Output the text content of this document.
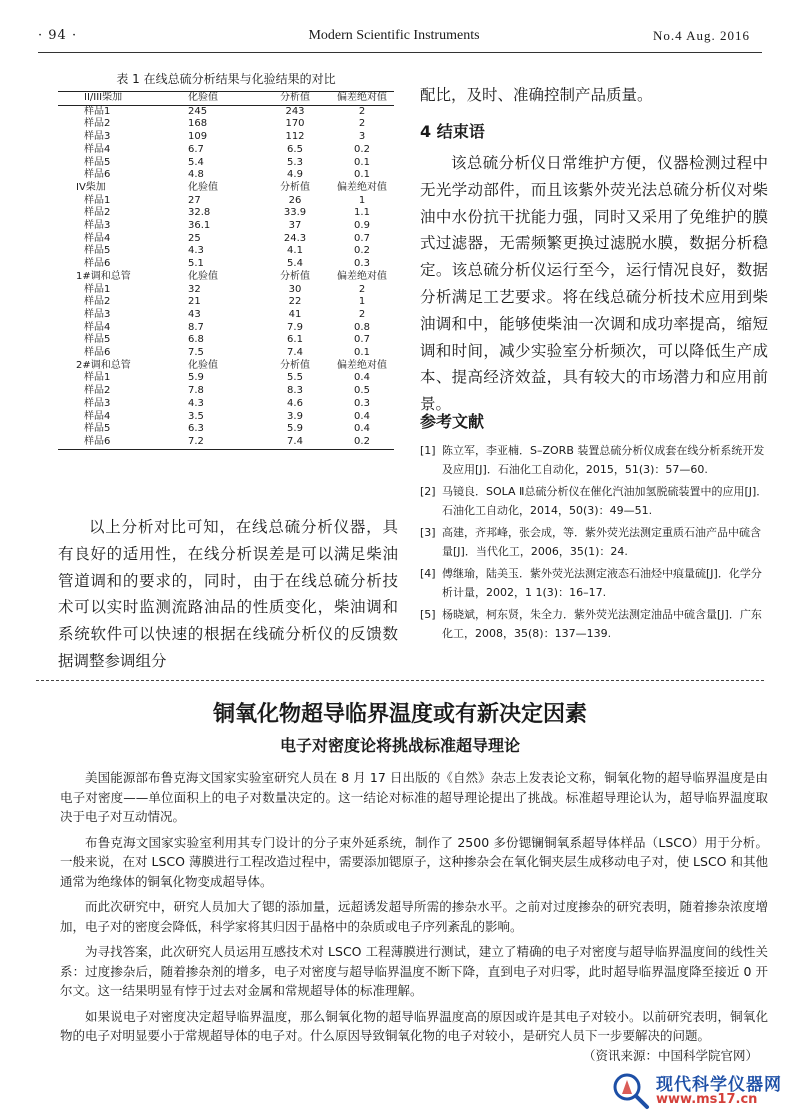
· 94 ·	Modern Scientific Instruments	No.4 Aug. 2016
表 1 在线总硫分析结果与化验结果的对比
II/III柴加	化验值	分析值	偏差绝对值
样品1	245	243	2
样品2	168	170	2
样品3	109	112	3
样品4	6.7	6.5	0.2
样品5	5.4	5.3	0.1
样品6	4.8	4.9	0.1
IV柴加	化验值	分析值	偏差绝对值
样品1	27	26	1
样品2	32.8	33.9	1.1
样品3	36.1	37	0.9
样品4	25	24.3	0.7
样品5	4.3	4.1	0.2
样品6	5.1	5.4	0.3
1#调和总管	化验值	分析值	偏差绝对值
样品1	32	30	2
样品2	21	22	1
样品3	43	41	2
样品4	8.7	7.9	0.8
样品5	6.8	6.1	0.7
样品6	7.5	7.4	0.1
2#调和总管	化验值	分析值	偏差绝对值
样品1	5.9	5.5	0.4
样品2	7.8	8.3	0.5
样品3	4.3	4.6	0.3
样品4	3.5	3.9	0.4
样品5	6.3	5.9	0.4
样品6	7.2	7.4	0.2

以上分析对比可知，在线总硫分析仪器，具有良好的适用性，在线分析误差是可以满足柴油管道调和的要求的，同时，由于在线总硫分析技术可以实时监测流路油品的性质变化，柴油调和系统软件可以快速的根据在线硫分析仪的反馈数据调整参调组分

配比，及时、准确控制产品质量。

4 结束语

该总硫分析仪日常维护方便，仪器检测过程中无光学动部件，而且该紫外荧光法总硫分析仪对柴油中水份抗干扰能力强，同时又采用了免维护的膜式过滤器，无需频繁更换过滤脱水膜，数据分析稳定。该总硫分析仪运行至今，运行情况良好，数据分析满足工艺要求。将在线总硫分析技术应用到柴油调和中，能够使柴油一次调和成功率提高，缩短调和时间，减少实验室分析频次，可以降低生产成本、提高经济效益，具有较大的市场潜力和应用前景。

参考文献
[1] 陈立军，李亚楠．S–ZORB 装置总硫分析仪成套在线分析系统开发及应用[J]．石油化工自动化，2015，51(3)：57—60.
[2] 马镜良．SOLA Ⅱ总硫分析仪在催化汽油加氢脱硫装置中的应用[J]．石油化工自动化，2014，50(3)：49—51.
[3] 高建，齐邦峰，张会成，等．紫外荧光法测定重质石油产品中硫含量[J]．当代化工，2006，35(1)：24.
[4] 傅继瑜，陆美玉．紫外荧光法测定液态石油烃中痕量硫[J]．化学分析计量，2002，1 1(3)：16–17.
[5] 杨晓斌，柯东贤，朱全力．紫外荧光法测定油品中硫含量[J]．广东化工，2008，35(8)：137—139.
铜氧化物超导临界温度或有新决定因素
电子对密度论将挑战标准超导理论

美国能源部布鲁克海文国家实验室研究人员在 8 月 17 日出版的《自然》杂志上发表论文称，铜氧化物的超导临界温度是由电子对密度——单位面积上的电子对数量决定的。这一结论对标准的超导理论提出了挑战。标准超导理论认为，超导临界温度取决于电子对互动情况。

布鲁克海文国家实验室利用其专门设计的分子束外延系统，制作了 2500 多份锶镧铜氧系超导体样品（LSCO）用于分析。一般来说，在对 LSCO 薄膜进行工程改造过程中，需要添加锶原子，这种掺杂会在氧化铜夹层生成移动电子对，使 LSCO 和其他通常为绝缘体的铜氧化物变成超导体。

而此次研究中，研究人员加大了锶的添加量，远超诱发超导所需的掺杂水平。之前对过度掺杂的研究表明，随着掺杂浓度增加，电子对的密度会降低，科学家将其归因于晶格中的杂质或电子序列紊乱的影响。

为寻找答案，此次研究人员运用互感技术对 LSCO 工程薄膜进行测试，建立了精确的电子对密度与超导临界温度间的线性关系：过度掺杂后，随着掺杂剂的增多，电子对密度与超导临界温度不断下降，直到电子对归零，此时超导临界温度降至接近 0 开尔文。这一结果明显有悖于过去对金属和常规超导体的标准理解。

如果说电子对密度决定超导临界温度，那么铜氧化物的超导临界温度高的原因或许是其电子对较小。以前研究表明，铜氧化物的电子对明显要小于常规超导体的电子对。什么原因导致铜氧化物的电子对较小，是研究人员下一步要解决的问题。

（资讯来源：中国科学院官网）
现代科学仪器网
www.ms17.cn
